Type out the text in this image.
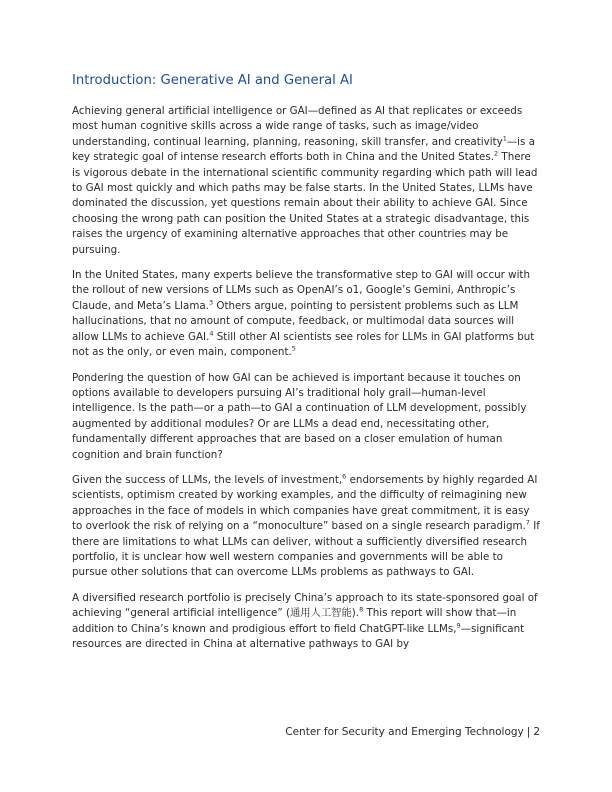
Introduction: Generative AI and General AI

Achieving general artificial intelligence or GAI—defined as AI that replicates or exceeds most human cognitive skills across a wide range of tasks, such as image/video understanding, continual learning, planning, reasoning, skill transfer, and creativity$^1$—is a key strategic goal of intense research efforts both in China and the United States.$^2$ There is vigorous debate in the international scientific community regarding which path will lead to GAI most quickly and which paths may be false starts. In the United States, LLMs have dominated the discussion, yet questions remain about their ability to achieve GAI. Since choosing the wrong path can position the United States at a strategic disadvantage, this raises the urgency of examining alternative approaches that other countries may be pursuing.

In the United States, many experts believe the transformative step to GAI will occur with the rollout of new versions of LLMs such as OpenAI’s o1, Google’s Gemini, Anthropic’s Claude, and Meta’s Llama.$^3$ Others argue, pointing to persistent problems such as LLM hallucinations, that no amount of compute, feedback, or multimodal data sources will allow LLMs to achieve GAI.$^4$ Still other AI scientists see roles for LLMs in GAI platforms but not as the only, or even main, component.$^5$

Pondering the question of how GAI can be achieved is important because it touches on options available to developers pursuing AI’s traditional holy grail—human-level intelligence. Is the path—or a path—to GAI a continuation of LLM development, possibly augmented by additional modules? Or are LLMs a dead end, necessitating other, fundamentally different approaches that are based on a closer emulation of human cognition and brain function?

Given the success of LLMs, the levels of investment,$^6$ endorsements by highly regarded AI scientists, optimism created by working examples, and the difficulty of reimagining new approaches in the face of models in which companies have great commitment, it is easy to overlook the risk of relying on a “monoculture” based on a single research paradigm.$^7$ If there are limitations to what LLMs can deliver, without a sufficiently diversified research portfolio, it is unclear how well western companies and governments will be able to pursue other solutions that can overcome LLMs problems as pathways to GAI.

A diversified research portfolio is precisely China’s approach to its state-sponsored goal of achieving “general artificial intelligence” (通用人工智能).$^8$ This report will show that—in addition to China’s known and prodigious effort to field ChatGPT-like LLMs,$^9$—significant resources are directed in China at alternative pathways to GAI by

Center for Security and Emerging Technology | 2
